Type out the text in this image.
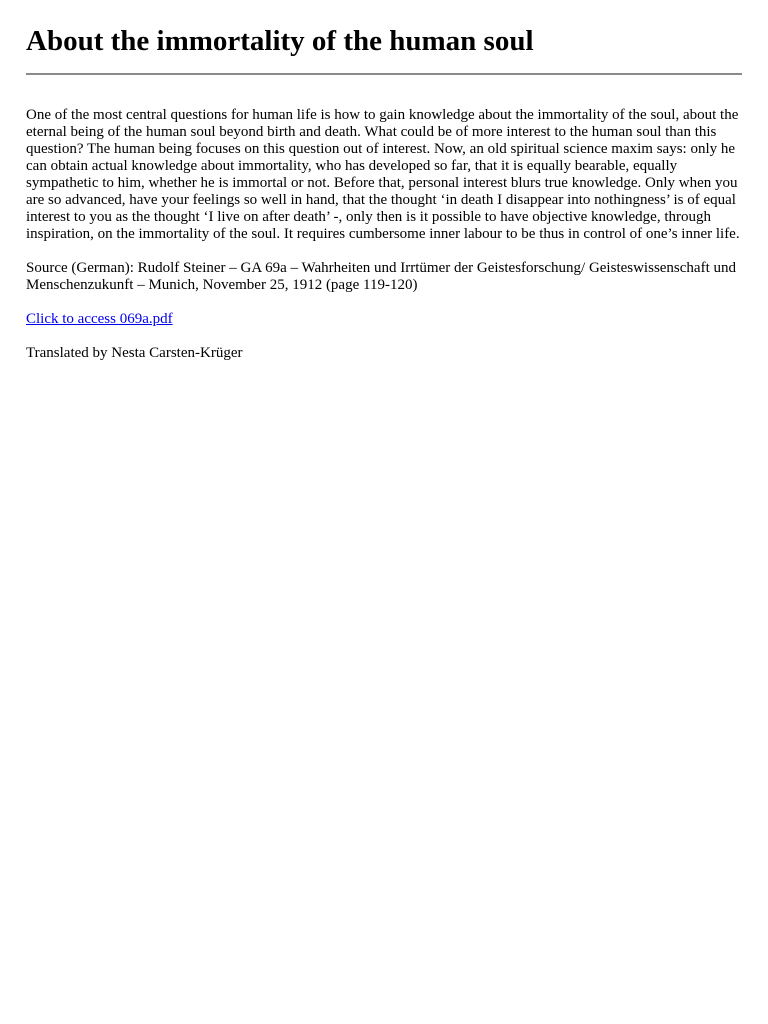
About the immortality of the human soul

One of the most central questions for human life is how to gain knowledge about the immortality of the soul, about the eternal being of the human soul beyond birth and death. What could be of more interest to the human soul than this question? The human being focuses on this question out of interest. Now, an old spiritual science maxim says: only he can obtain actual knowledge about immortality, who has developed so far, that it is equally bearable, equally sympathetic to him, whether he is immortal or not. Before that, personal interest blurs true knowledge. Only when you are so advanced, have your feelings so well in hand, that the thought ‘in death I disappear into nothingness’ is of equal interest to you as the thought ‘I live on after death’ -, only then is it possible to have objective knowledge, through inspiration, on the immortality of the soul. It requires cumbersome inner labour to be thus in control of one’s inner life.

Source (German): Rudolf Steiner – GA 69a – Wahrheiten und Irrtümer der Geistesforschung/ Geisteswissenschaft und Menschenzukunft – Munich, November 25, 1912 (page 119-120)

Click to access 069a.pdf

Translated by Nesta Carsten-Krüger
